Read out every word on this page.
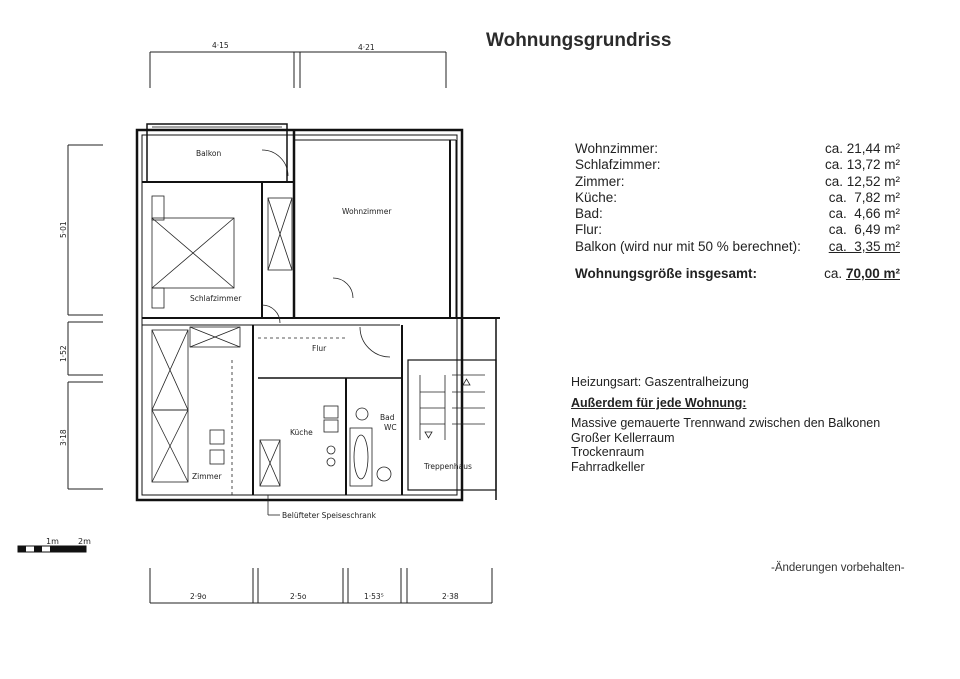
Balkon
Wohnzimmer
Schlafzimmer
Flur
Küche
Bad
WC
Zimmer
Treppenhaus
Belüfteter Speiseschrank
4·15	4·21
2·9o	2·5o	1·53⁵	2·38
5·01
1·52
3·18
1m 2m
Wohnungsgrundriss
Wohnzimmer:	ca. 21,44 m²
Schlafzimmer:	ca. 13,72 m²
Zimmer:	ca. 12,52 m²
Küche:	ca.  7,82 m²
Bad:	ca.  4,66 m²
Flur:	ca.  6,49 m²
Balkon (wird nur mit 50 % berechnet): ca.  3,35 m²
Wohnungsgröße insgesamt:	ca. 70,00 m²
Heizungsart: Gaszentralheizung
Außerdem für jede Wohnung:
Massive gemauerte Trennwand zwischen den Balkonen
Großer Kellerraum
Trockenraum
Fahrradkeller
-Änderungen vorbehalten-
